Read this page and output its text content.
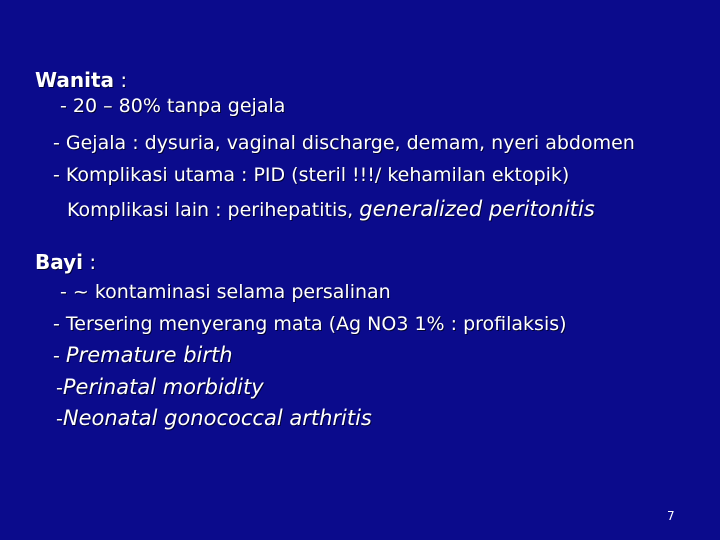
Wanita :
- 20 – 80% tanpa gejala
- Gejala : dysuria, vaginal discharge, demam, nyeri abdomen
- Komplikasi utama : PID (steril !!!/ kehamilan ektopik)
Komplikasi lain : perihepatitis, generalized peritonitis
Bayi :
- ~ kontaminasi selama persalinan
- Tersering menyerang mata (Ag NO3 1% : profilaksis)
- Premature birth
-Perinatal morbidity
-Neonatal gonococcal arthritis
7
